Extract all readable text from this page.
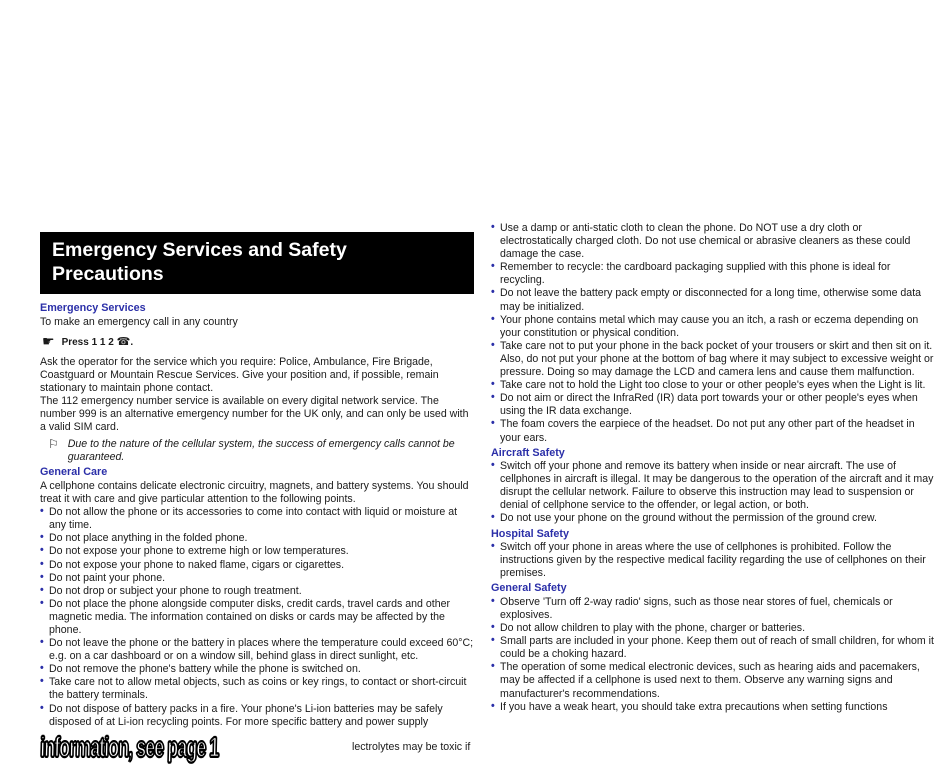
Emergency Services and Safety
Precautions
Emergency Services

To make an emergency call in any country

☛ Press 1 1 2 ☎.

Ask the operator for the service which you require: Police, Ambulance, Fire Brigade, Coastguard or Mountain Rescue Services. Give your position and, if possible, remain stationary to maintain phone contact.

The 112 emergency number service is available on every digital network service. The number 999 is an alternative emergency number for the UK only, and can only be used with a valid SIM card.

⚐ Due to the nature of the cellular system, the success of emergency calls cannot be guaranteed.
General Care

A cellphone contains delicate electronic circuitry, magnets, and battery systems. You should treat it with care and give particular attention to the following points.

• Do not allow the phone or its accessories to come into contact with liquid or moisture at any time.
• Do not place anything in the folded phone.
• Do not expose your phone to extreme high or low temperatures.
• Do not expose your phone to naked flame, cigars or cigarettes.
• Do not paint your phone.
• Do not drop or subject your phone to rough treatment.
• Do not place the phone alongside computer disks, credit cards, travel cards and other magnetic media. The information contained on disks or cards may be affected by the phone.
• Do not leave the phone or the battery in places where the temperature could exceed 60°C; e.g. on a car dashboard or on a window sill, behind glass in direct sunlight, etc.
• Do not remove the phone's battery while the phone is switched on.
• Take care not to allow metal objects, such as coins or key rings, to contact or short-circuit the battery terminals.
• Do not dispose of battery packs in a fire. Your phone's Li-ion batteries may be safely disposed of at Li-ion recycling points. For more specific battery and power supply
information, see page 1	lectrolytes may be toxic if
• Use a damp or anti-static cloth to clean the phone. Do NOT use a dry cloth or electrostatically charged cloth. Do not use chemical or abrasive cleaners as these could damage the case.
• Remember to recycle: the cardboard packaging supplied with this phone is ideal for recycling.
• Do not leave the battery pack empty or disconnected for a long time, otherwise some data may be initialized.
• Your phone contains metal which may cause you an itch, a rash or eczema depending on your constitution or physical condition.
• Take care not to put your phone in the back pocket of your trousers or skirt and then sit on it. Also, do not put your phone at the bottom of bag where it may subject to excessive weight or pressure. Doing so may damage the LCD and camera lens and cause them malfunction.
• Take care not to hold the Light too close to your or other people's eyes when the Light is lit.
• Do not aim or direct the InfraRed (IR) data port towards your or other people's eyes when using the IR data exchange.
• The foam covers the earpiece of the headset. Do not put any other part of the headset in your ears.
Aircraft Safety
• Switch off your phone and remove its battery when inside or near aircraft. The use of cellphones in aircraft is illegal. It may be dangerous to the operation of the aircraft and it may disrupt the cellular network. Failure to observe this instruction may lead to suspension or denial of cellphone service to the offender, or legal action, or both.
• Do not use your phone on the ground without the permission of the ground crew.
Hospital Safety
• Switch off your phone in areas where the use of cellphones is prohibited. Follow the instructions given by the respective medical facility regarding the use of cellphones on their premises.
General Safety
• Observe 'Turn off 2-way radio' signs, such as those near stores of fuel, chemicals or explosives.
• Do not allow children to play with the phone, charger or batteries.
• Small parts are included in your phone. Keep them out of reach of small children, for whom it could be a choking hazard.
• The operation of some medical electronic devices, such as hearing aids and pacemakers, may be affected if a cellphone is used next to them. Observe any warning signs and manufacturer's recommendations.
• If you have a weak heart, you should take extra precautions when setting functions
